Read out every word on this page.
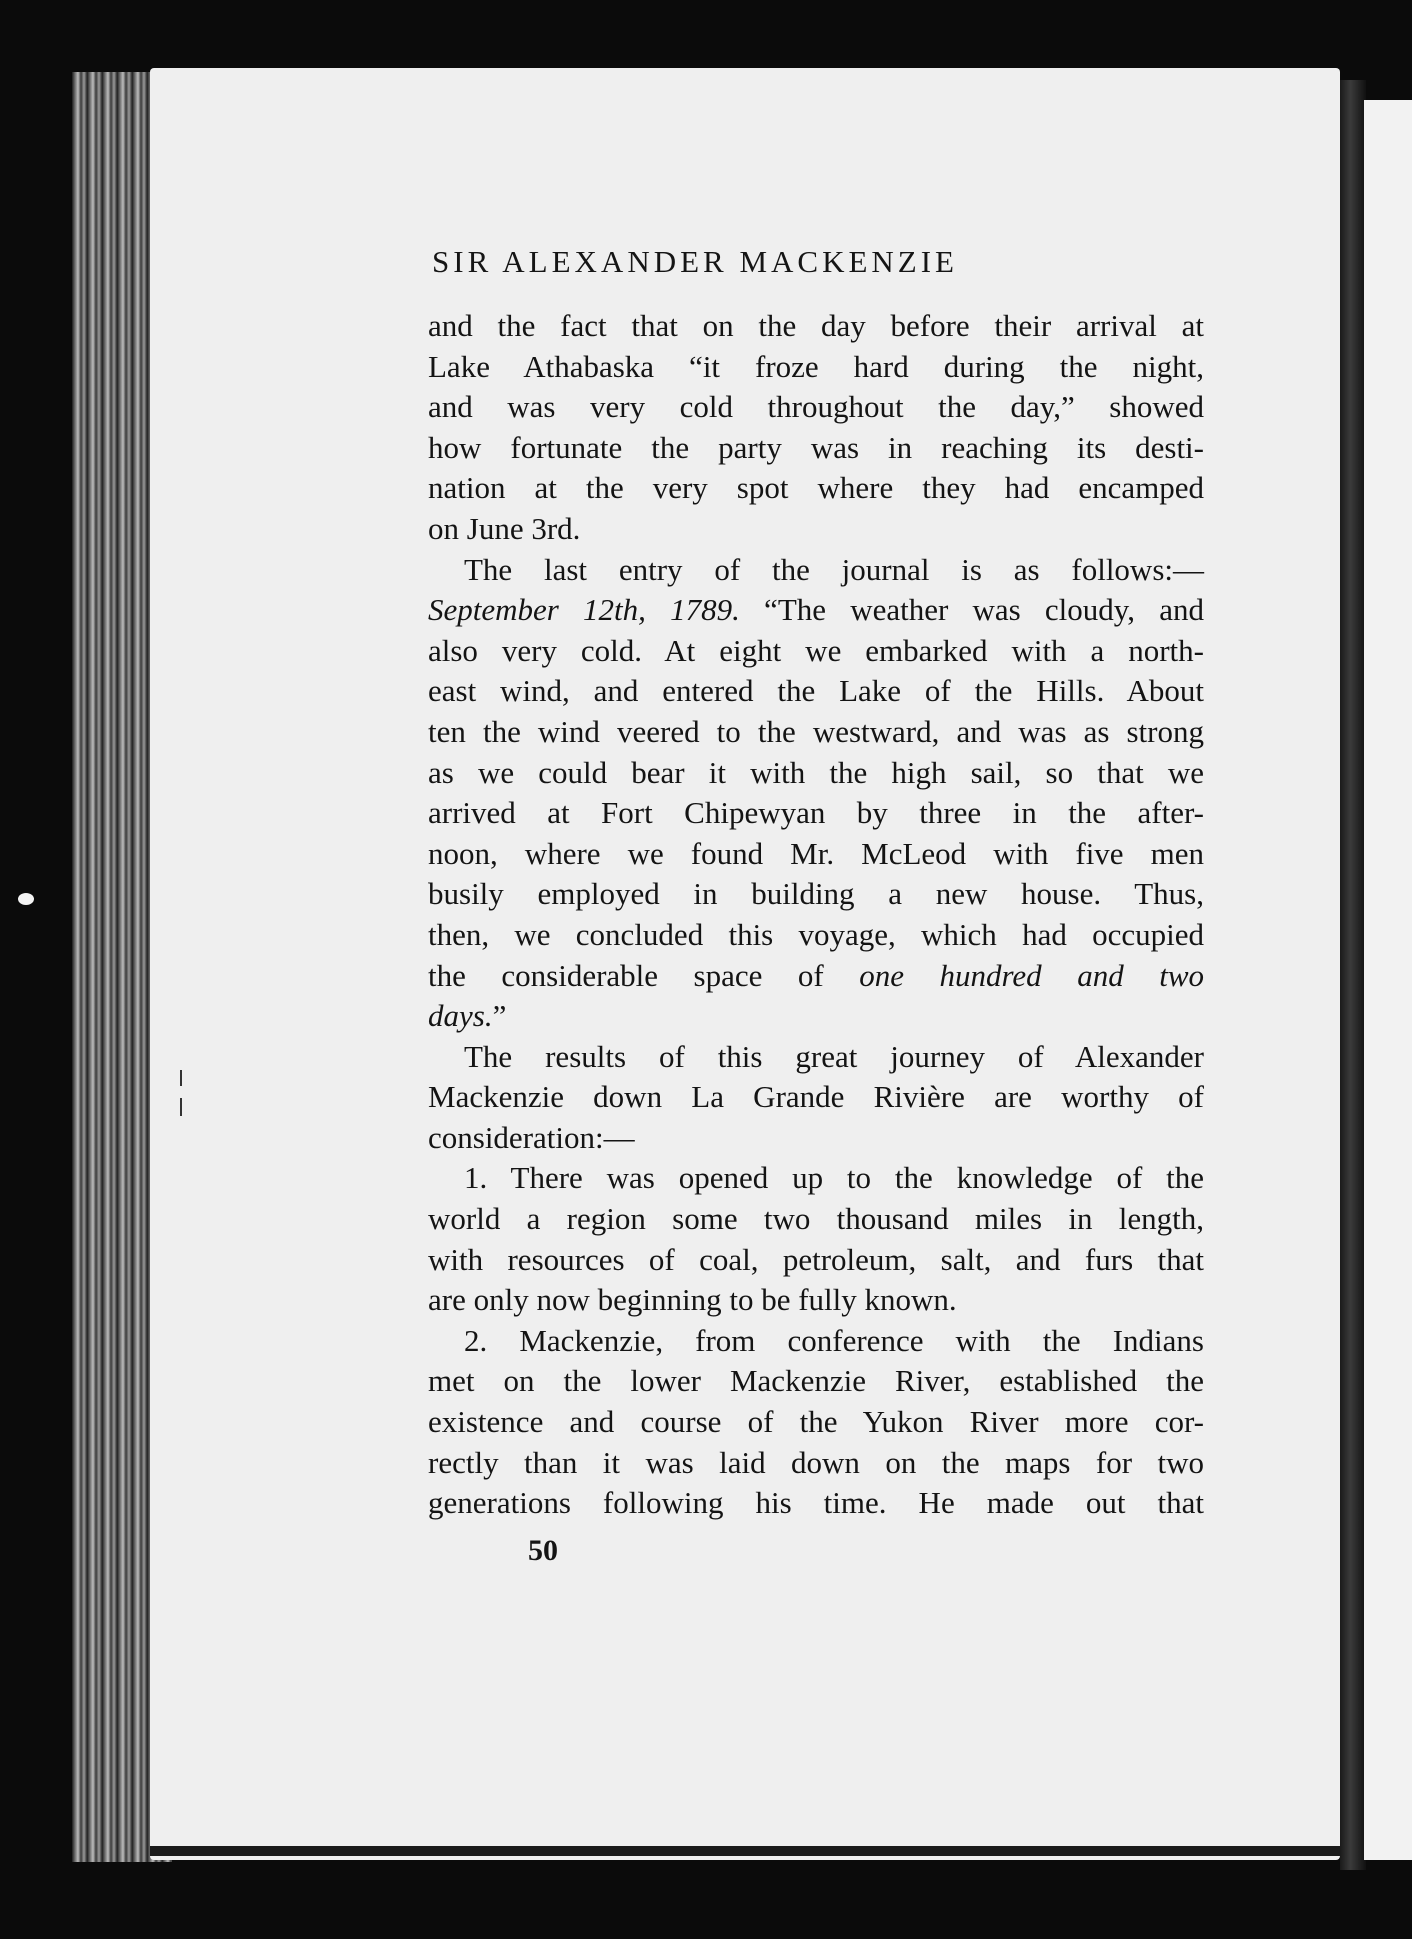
SIR ALEXANDER MACKENZIE
and the fact that on the day before their arrival at
Lake Athabaska “it froze hard during the night,
and was very cold throughout the day,” showed
how fortunate the party was in reaching its desti-
nation at the very spot where they had encamped
on June 3rd.
The last entry of the journal is as follows:—
September 12th, 1789. “The weather was cloudy, and
also very cold. At eight we embarked with a north-
east wind, and entered the Lake of the Hills. About
ten the wind veered to the westward, and was as strong
as we could bear it with the high sail, so that we
arrived at Fort Chipewyan by three in the after-
noon, where we found Mr. McLeod with five men
busily employed in building a new house. Thus,
then, we concluded this voyage, which had occupied
the considerable space of one hundred and two
days.”
The results of this great journey of Alexander
Mackenzie down La Grande Rivière are worthy of
consideration:—
1. There was opened up to the knowledge of the
world a region some two thousand miles in length,
with resources of coal, petroleum, salt, and furs that
are only now beginning to be fully known.
2. Mackenzie, from conference with the Indians
met on the lower Mackenzie River, established the
existence and course of the Yukon River more cor-
rectly than it was laid down on the maps for two
generations following his time. He made out that
50
